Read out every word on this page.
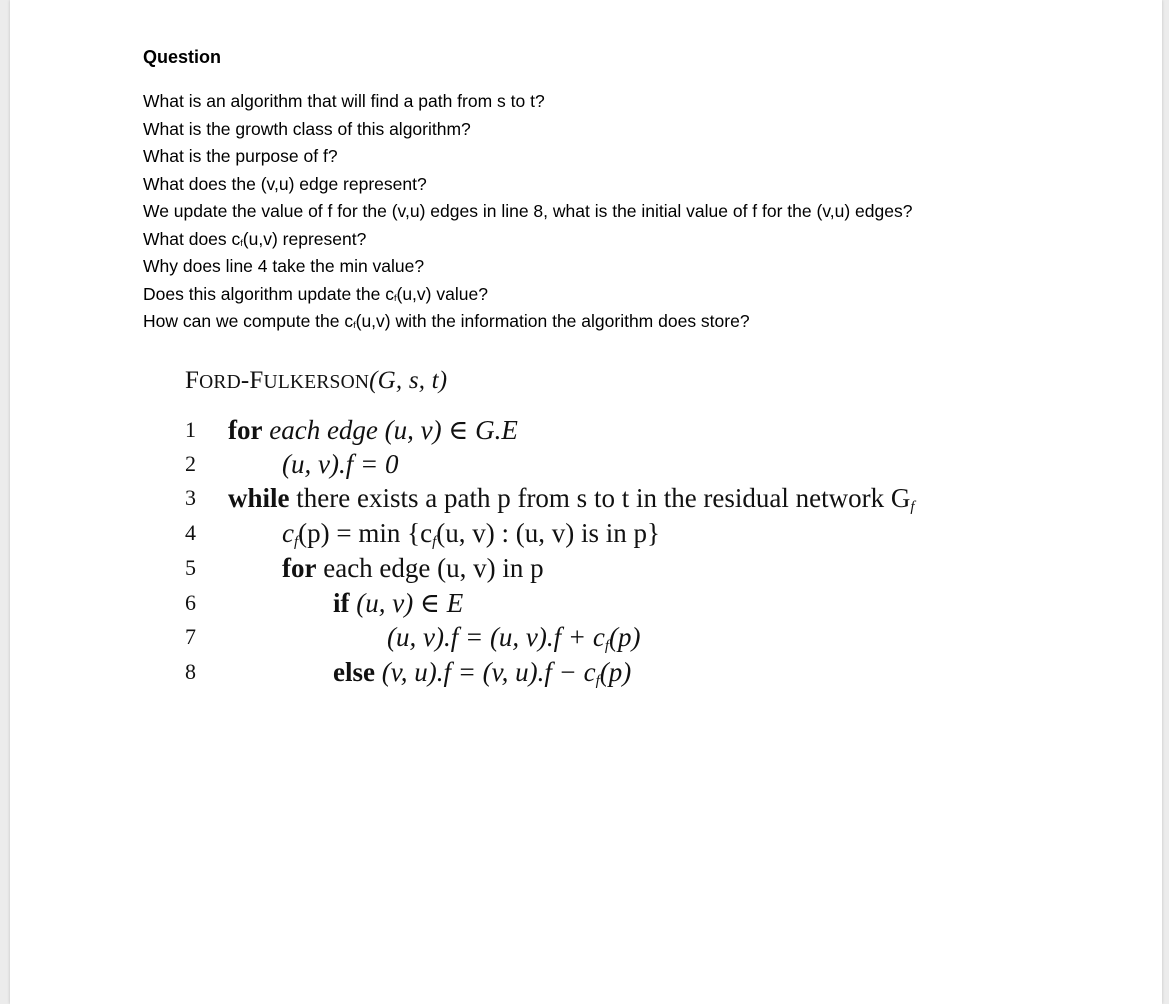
Question
What is an algorithm that will find a path from s to t?
What is the growth class of this algorithm?
What is the purpose of f?
What does the (v,u) edge represent?
We update the value of f for the (v,u) edges in line 8, what is the initial value of f for the (v,u) edges?
What does $c_f(u,v)$ represent?
Why does line 4 take the min value?
Does this algorithm update the $c_f(u,v)$ value?
How can we compute the $c_f(u,v)$ with the information the algorithm does store?
FORD-FULKERSON(G, s, t)
1 for each edge (u, v) ∈ G.E
2	(u, v).f = 0
3 while there exists a path p from s to t in the residual network $G_f$
4	$c_f(p) = \min \{c_f(u$, v) : (u, v) is in p}
5	for each edge (u, v) in p
6	if (u, v) ∈ E
7	(u, v).f = (u, $v).f + c_f(p)$
8	else (v, u).f = (v, $u).f - c_f(p)$
